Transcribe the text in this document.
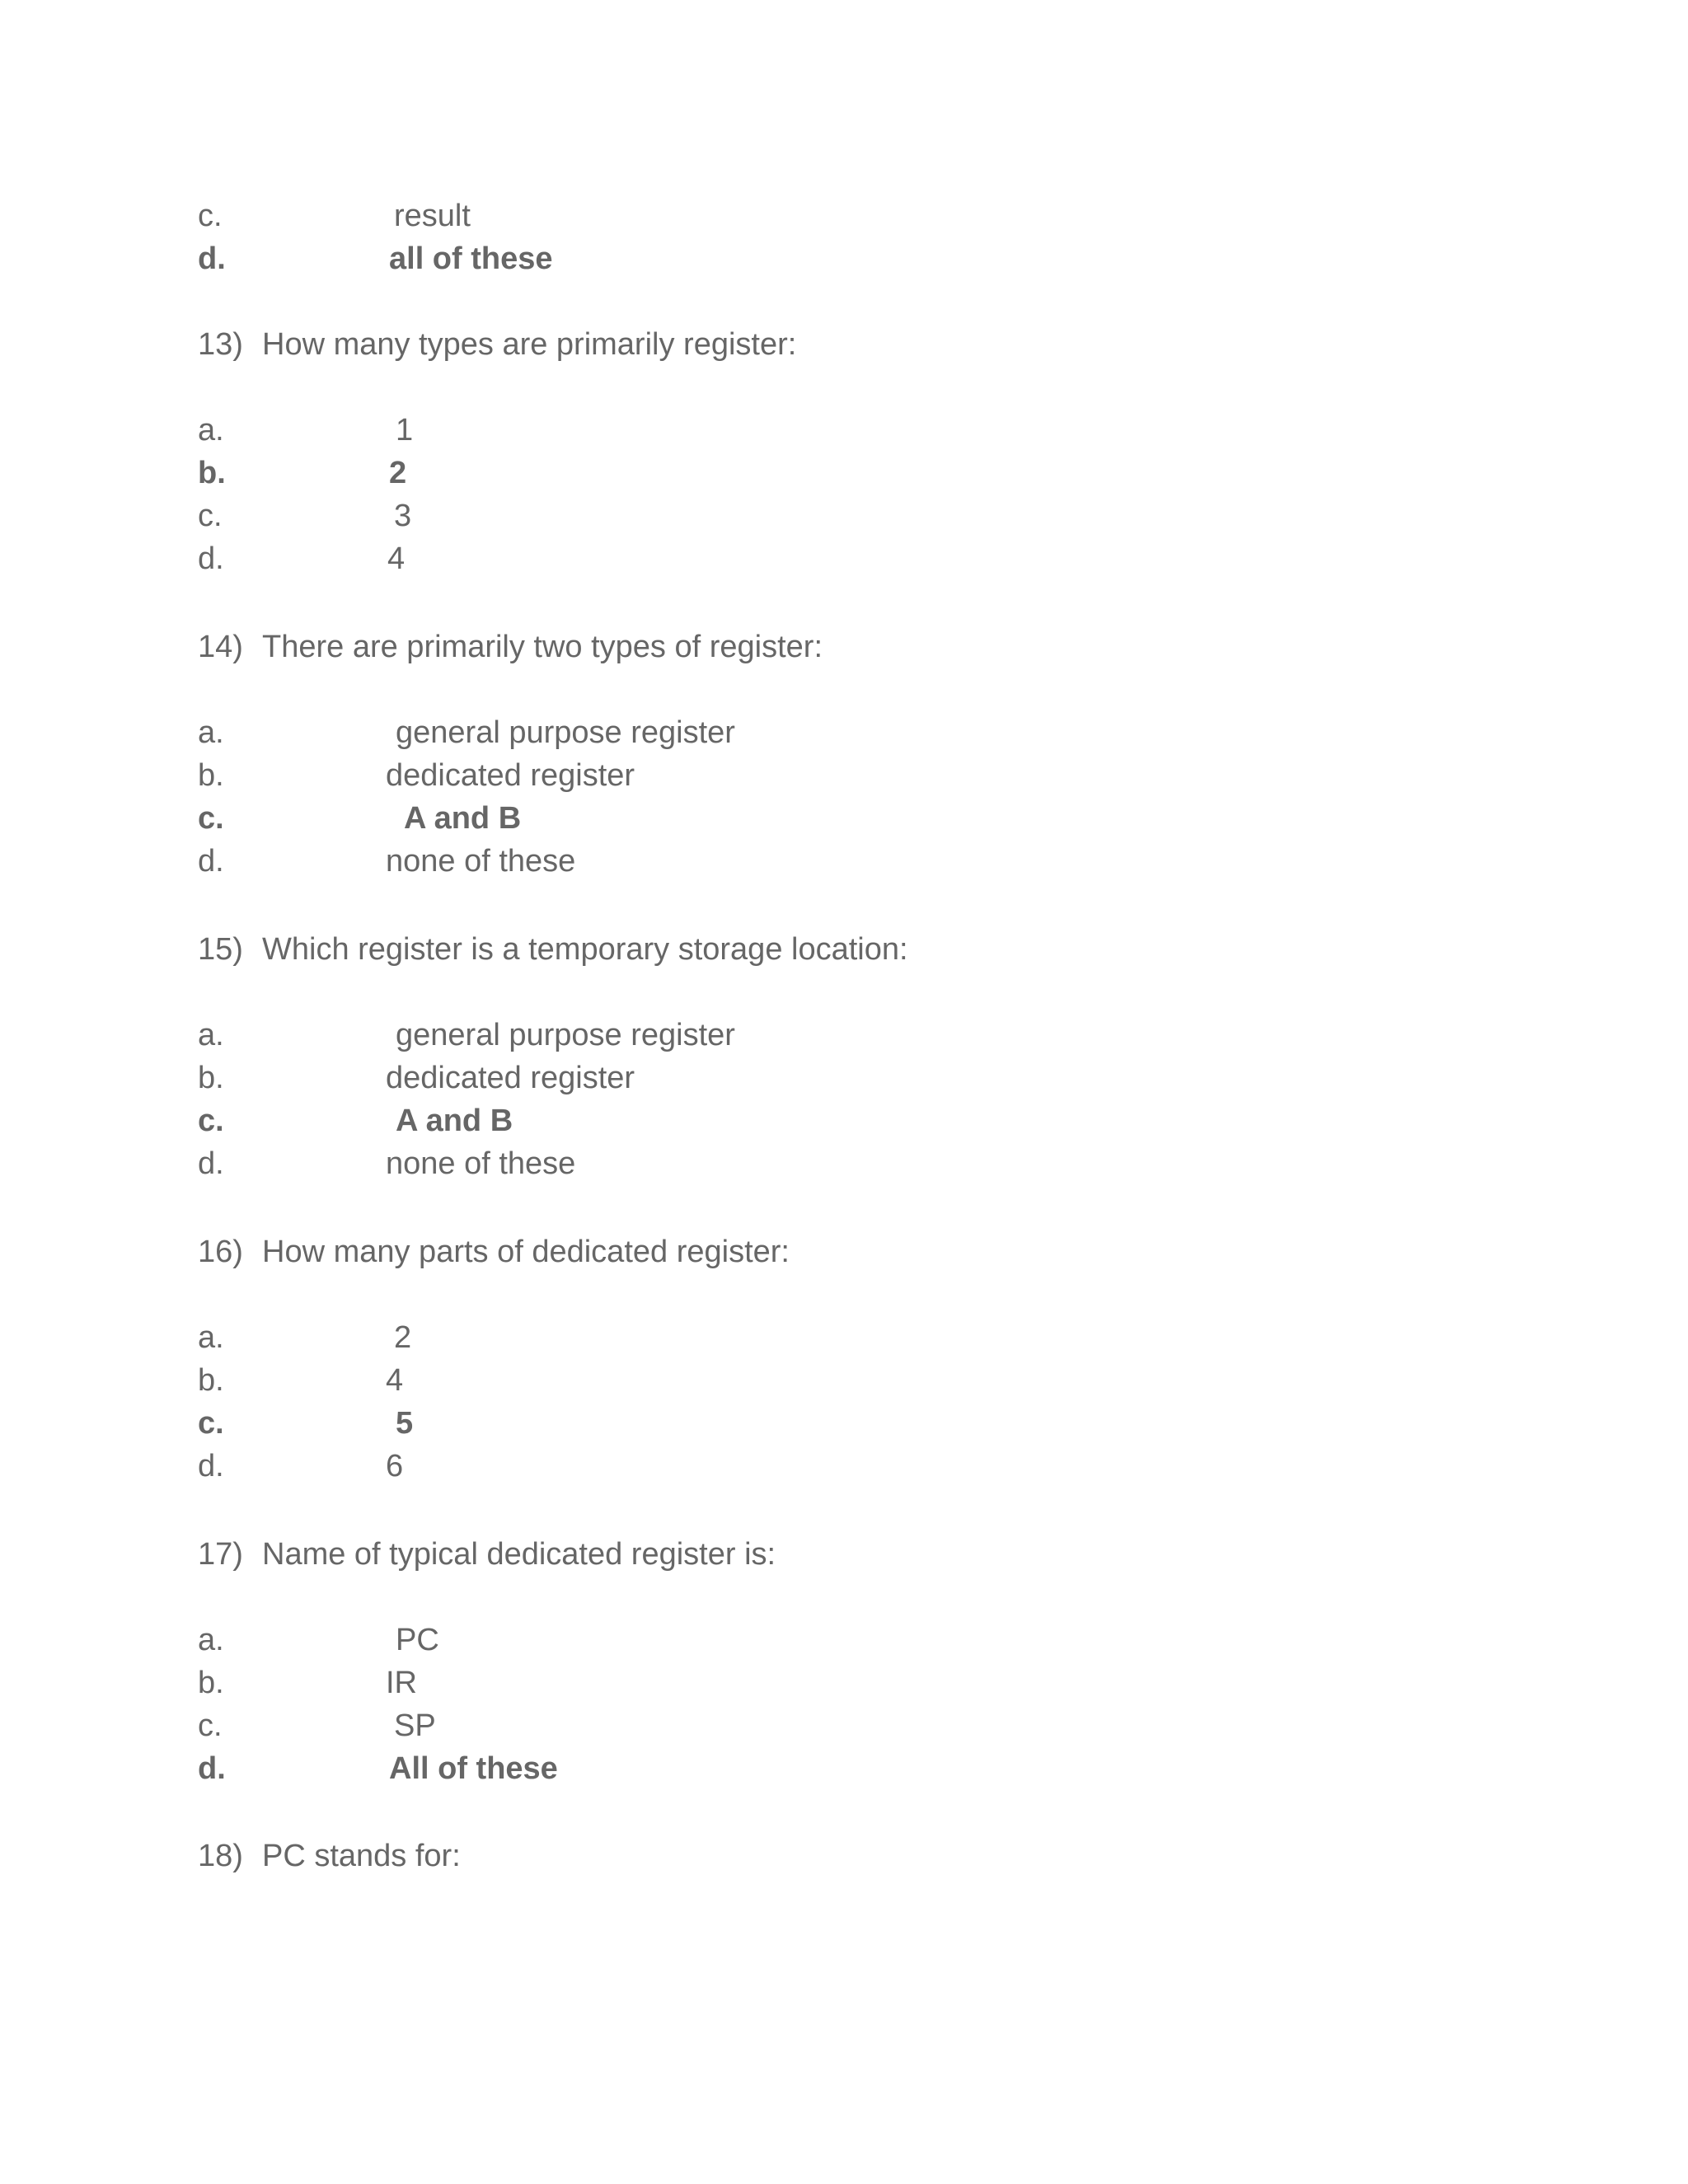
c.

	result

d.

	all of these

13)

How many types are primarily register:

a.

	1

b.

	2

c.

	3

d.

	4

14)

There are primarily two types of register:

a.

	general purpose register

b.

	dedicated register

c.

	A and B

d.

	none of these

15)

Which register is a temporary storage location:

a.

	general purpose register

b.

	dedicated register

c.

	A and B

d.

	none of these

16)

How many parts of dedicated register:

a.

	2

b.

	4

c.

	5

d.

	6

17)

Name of typical dedicated register is:

a.

	PC

b.

	IR

c.

	SP

d.

	All of these

18)

PC stands for:
